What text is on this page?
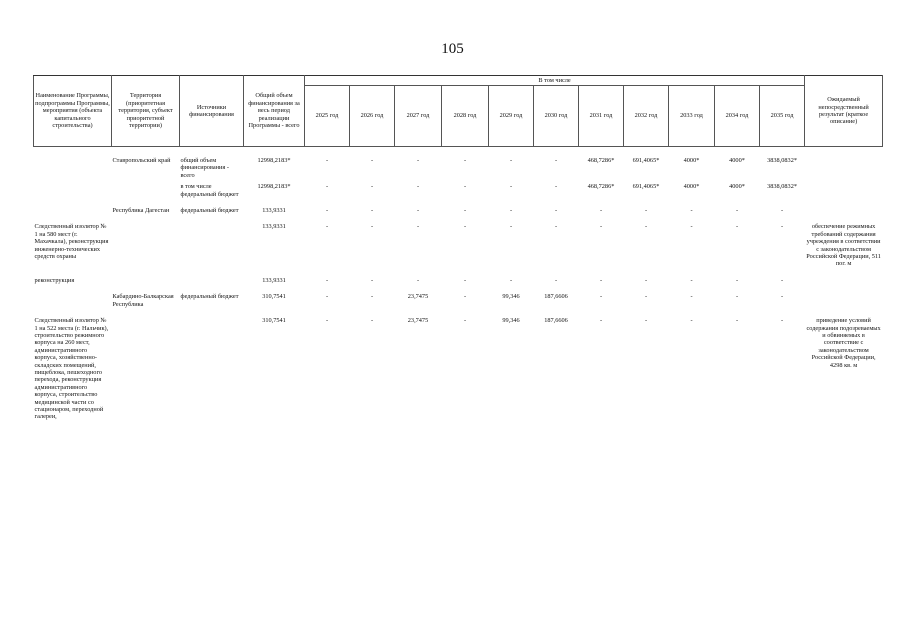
105
Наименование Программы, подпрограммы Программы, мероприятия (объекта капитального строительства)	Территория (приоритетная территория, субъект приоритетной территории)	Источники финансирования	Общий объем финансирования за весь период реализации Программы - всего	В том числе											Ожидаемый непосредственный результат (краткое описание)
				2025 год	2026 год	2027 год	2028 год	2029 год	2030 год	2031 год	2032 год	2033 год	2034 год	2035 год	

	Ставропольский край	общий объем финансирования - всего	12998,2183*	-	-	-	-	-	-	468,7286*	691,4065*	4000*	4000*	3838,0832*	
		в том числе федеральный бюджет	12998,2183*	-	-	-	-	-	-	468,7286*	691,4065*	4000*	4000*	3838,0832*	
	Республика Дагестан	федеральный бюджет	133,9331	-	-	-	-	-	-	-	-	-	-	-	
Следственный изолятор № 1 на 580 мест (г. Махачкала), реконструкция инженерно-технических средств охраны			133,9331	-	-	-	-	-	-	-	-	-	-	-	обеспечение режимных требований содержания учреждения в соответствии с законодательством Российской Федерации, 511 пог. м
реконструкция			133,9331	-	-	-	-	-	-	-	-	-	-	-	
	Кабардино-Балкарская Республика	федеральный бюджет	310,7541	-	-	23,7475	-	99,346	187,6606	-	-	-	-	-	
Следственный изолятор № 1 на 522 места (г. Нальчик), строительство режимного корпуса на 260 мест, административного корпуса, хозяйственно-складских помещений, пищеблока, пешеходного перехода, реконструкция административного корпуса, строительство медицинской части со стационаром, переходной галереи,			310,7541	-	-	23,7475	-	99,346	187,6606	-	-	-	-	-	приведение условий содержания подозреваемых и обвиняемых в соответствие с законодательством Российской Федерации, 4298 кв. м
